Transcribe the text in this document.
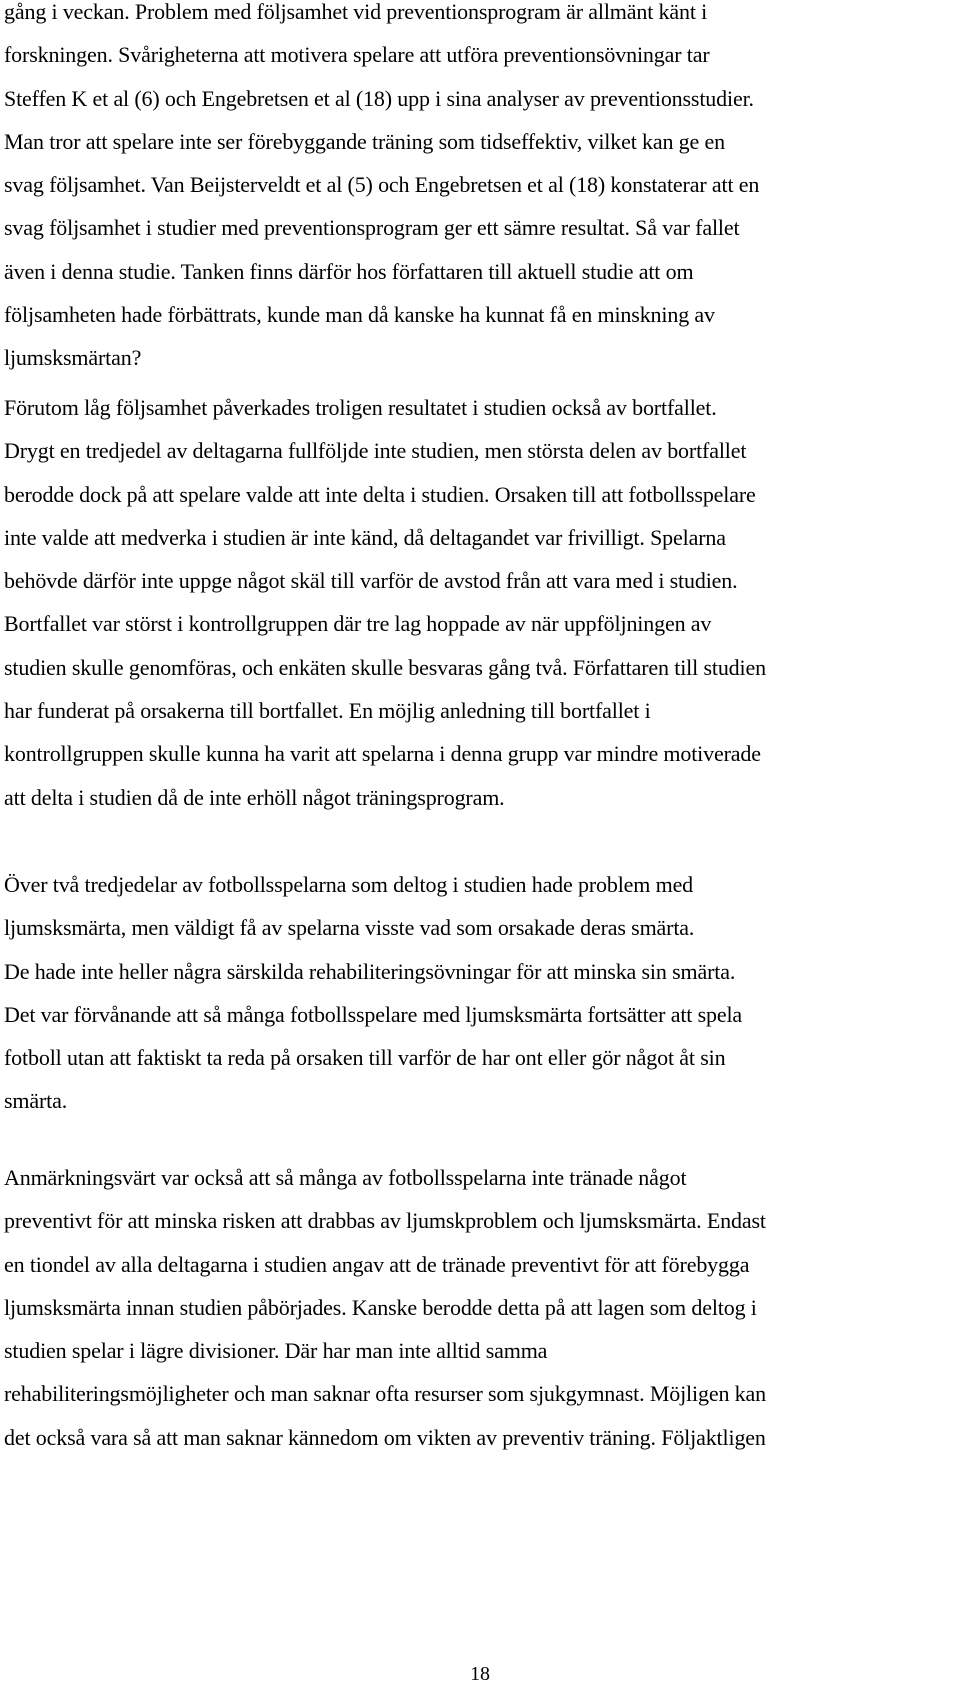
gång i veckan. Problem med följsamhet vid preventionsprogram är allmänt känt i
forskningen. Svårigheterna att motivera spelare att utföra preventionsövningar tar
Steffen K et al (6) och Engebretsen et al (18) upp i sina analyser av preventionsstudier.
Man tror att spelare inte ser förebyggande träning som tidseffektiv, vilket kan ge en
svag följsamhet. Van Beijsterveldt et al (5) och Engebretsen et al (18) konstaterar att en
svag följsamhet i studier med preventionsprogram ger ett sämre resultat. Så var fallet
även i denna studie. Tanken finns därför hos författaren till aktuell studie att om
följsamheten hade förbättrats, kunde man då kanske ha kunnat få en minskning av
ljumsksmärtan?
Förutom låg följsamhet påverkades troligen resultatet i studien också av bortfallet.
Drygt en tredjedel av deltagarna fullföljde inte studien, men största delen av bortfallet
berodde dock på att spelare valde att inte delta i studien. Orsaken till att fotbollsspelare
inte valde att medverka i studien är inte känd, då deltagandet var frivilligt. Spelarna
behövde därför inte uppge något skäl till varför de avstod från att vara med i studien.
Bortfallet var störst i kontrollgruppen där tre lag hoppade av när uppföljningen av
studien skulle genomföras, och enkäten skulle besvaras gång två. Författaren till studien
har funderat på orsakerna till bortfallet. En möjlig anledning till bortfallet i
kontrollgruppen skulle kunna ha varit att spelarna i denna grupp var mindre motiverade
att delta i studien då de inte erhöll något träningsprogram.
Över två tredjedelar av fotbollsspelarna som deltog i studien hade problem med
ljumsksmärta, men väldigt få av spelarna visste vad som orsakade deras smärta.
De hade inte heller några särskilda rehabiliteringsövningar för att minska sin smärta.
Det var förvånande att så många fotbollsspelare med ljumsksmärta fortsätter att spela
fotboll utan att faktiskt ta reda på orsaken till varför de har ont eller gör något åt sin
smärta.
Anmärkningsvärt var också att så många av fotbollsspelarna inte tränade något
preventivt för att minska risken att drabbas av ljumskproblem och ljumsksmärta. Endast
en tiondel av alla deltagarna i studien angav att de tränade preventivt för att förebygga
ljumsksmärta innan studien påbörjades. Kanske berodde detta på att lagen som deltog i
studien spelar i lägre divisioner. Där har man inte alltid samma
rehabiliteringsmöjligheter och man saknar ofta resurser som sjukgymnast. Möjligen kan
det också vara så att man saknar kännedom om vikten av preventiv träning. Följaktligen
18
